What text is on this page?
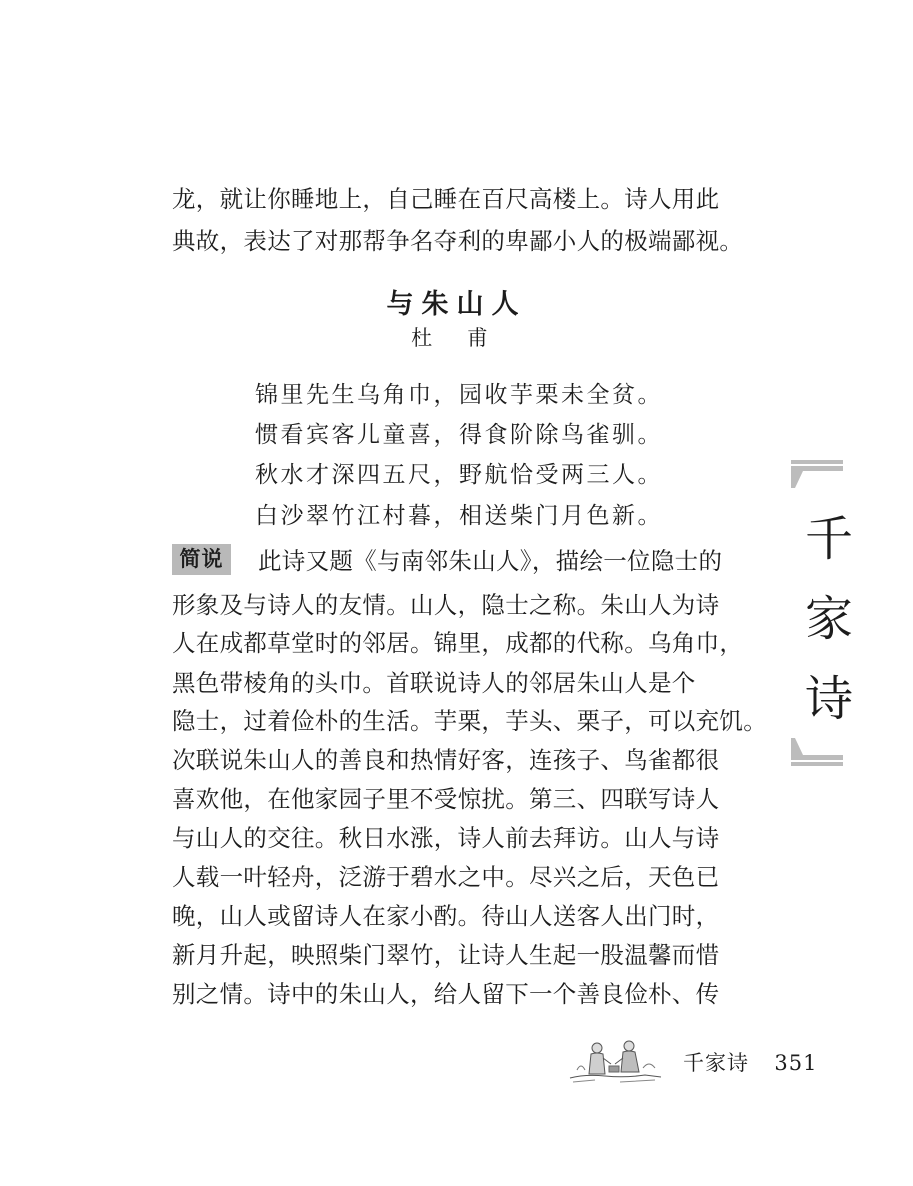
龙，就让你睡地上，自己睡在百尺高楼上。诗人用此
典故，表达了对那帮争名夺利的卑鄙小人的极端鄙视。
与朱山人
杜 甫
锦里先生乌角巾，园收芋栗未全贫。
惯看宾客儿童喜，得食阶除鸟雀驯。
秋水才深四五尺，野航恰受两三人。
白沙翠竹江村暮，相送柴门月色新。
简说	此诗又题《与南邻朱山人》，描绘一位隐士的
形象及与诗人的友情。山人，隐士之称。朱山人为诗
人在成都草堂时的邻居。锦里，成都的代称。乌角巾，
黑色带棱角的头巾。首联说诗人的邻居朱山人是个
隐士，过着俭朴的生活。芋栗，芋头、栗子，可以充饥。
次联说朱山人的善良和热情好客，连孩子、鸟雀都很
喜欢他，在他家园子里不受惊扰。第三、四联写诗人
与山人的交往。秋日水涨，诗人前去拜访。山人与诗
人载一叶轻舟，泛游于碧水之中。尽兴之后，天色已
晚，山人或留诗人在家小酌。待山人送客人出门时，
新月升起，映照柴门翠竹，让诗人生起一股温馨而惜
别之情。诗中的朱山人，给人留下一个善良俭朴、传
千
家
诗
千家诗 351
